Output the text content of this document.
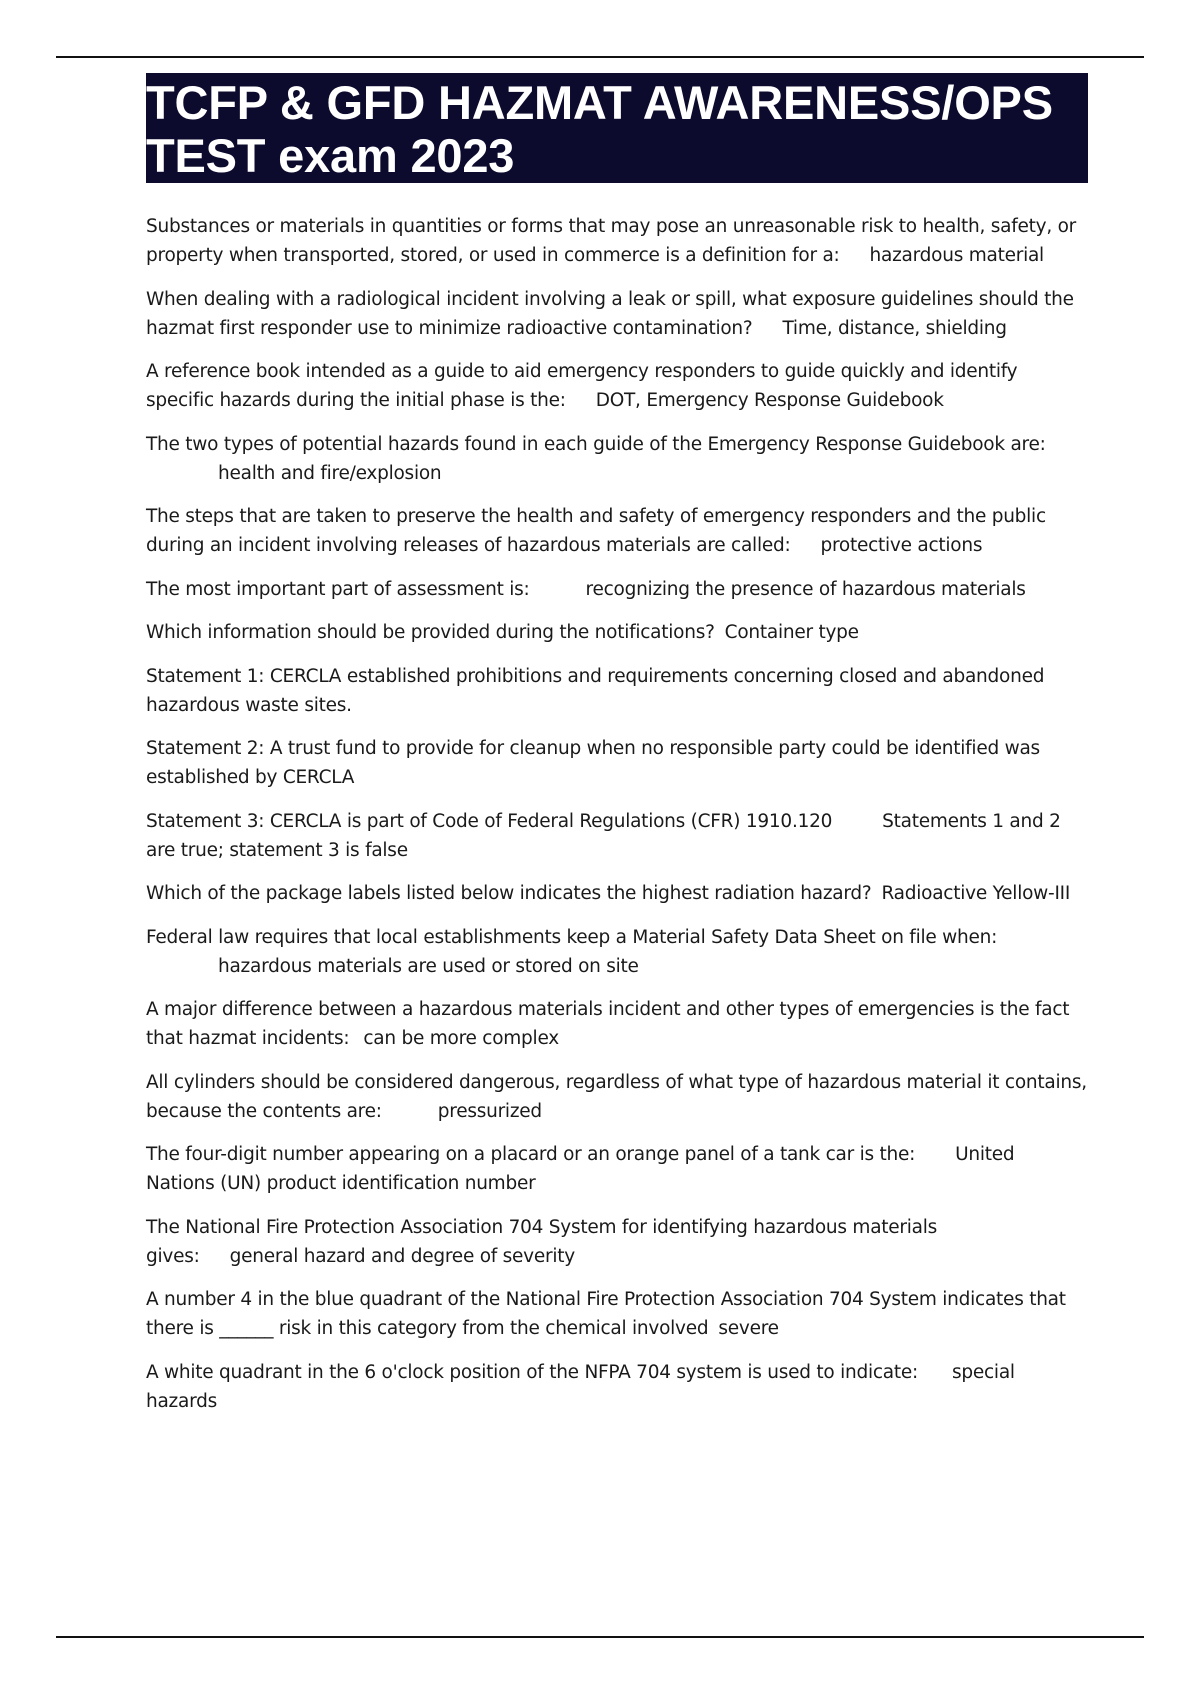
TCFP & GFD HAZMAT AWARENESS/OPS
TEST exam 2023

Substances or materials in quantities or forms that may pose an unreasonable risk to health, safety, or property when transported, stored, or used in commerce is a definition for a: hazardous material

When dealing with a radiological incident involving a leak or spill, what exposure guidelines should the hazmat first responder use to minimize radioactive contamination? Time, distance, shielding

A reference book intended as a guide to aid emergency responders to guide quickly and identify specific hazards during the initial phase is the: DOT, Emergency Response Guidebook

The two types of potential hazards found in each guide of the Emergency Response Guidebook are:
health and fire/explosion

The steps that are taken to preserve the health and safety of emergency responders and the public during an incident involving releases of hazardous materials are called: protective actions

The most important part of assessment is:	recognizing the presence of hazardous materials

Which information should be provided during the notifications? Container type

Statement 1: CERCLA established prohibitions and requirements concerning closed and abandoned hazardous waste sites.

Statement 2: A trust fund to provide for cleanup when no responsible party could be identified was established by CERCLA

Statement 3: CERCLA is part of Code of Federal Regulations (CFR) 1910.120	Statements 1 and 2 are true; statement 3 is false

Which of the package labels listed below indicates the highest radiation hazard? Radioactive Yellow-III

Federal law requires that local establishments keep a Material Safety Data Sheet on file when:
hazardous materials are used or stored on site

A major difference between a hazardous materials incident and other types of emergencies is the fact that hazmat incidents: can be more complex

All cylinders should be considered dangerous, regardless of what type of hazardous material it contains, because the contents are:	pressurized

The four-digit number appearing on a placard or an orange panel of a tank car is the: United Nations (UN) product identification number

The National Fire Protection Association 704 System for identifying hazardous materials gives: general hazard and degree of severity

A number 4 in the blue quadrant of the National Fire Protection Association 704 System indicates that there is ______ risk in this category from the chemical involved severe

A white quadrant in the 6 o'clock position of the NFPA 704 system is used to indicate: special hazards
